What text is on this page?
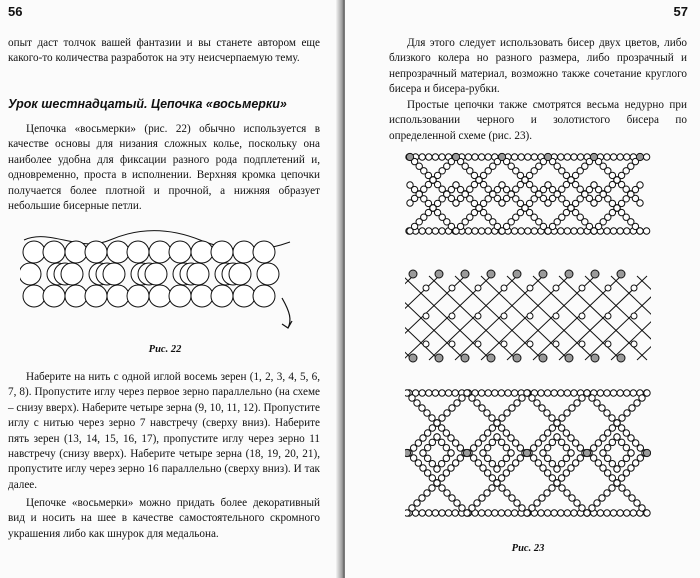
56

опыт даст толчок вашей фантазии и вы станете автором еще какого-то количества разработок на эту неисчерпаемую тему.

Урок шестнадцатый. Цепочка «восьмерки»

Цепочка «восьмерки» (рис. 22) обычно используется в качестве основы для низания сложных колье, поскольку она наиболее удобна для фиксации разного рода подплетений и, одновременно, проста в исполнении. Верхняя кромка цепочки получается более плотной и прочной, а нижняя образует небольшие бисерные петли.

Рис. 22

Наберите на нить с одной иглой восемь зерен (1, 2, 3, 4, 5, 6, 7, 8). Пропустите иглу через первое зерно параллельно (на схеме – снизу вверх). Наберите четыре зерна (9, 10, 11, 12). Пропустите иглу с нитью через зерно 7 навстречу (сверху вниз). Наберите пять зерен (13, 14, 15, 16, 17), пропустите иглу через зерно 11 навстречу (снизу вверх). Наберите четыре зерна (18, 19, 20, 21), пропустите иглу через зерно 16 параллельно (сверху вниз). И так далее.

Цепочке «восьмерки» можно придать более декоративный вид и носить на шее в качестве самостоятельного скромного украшения либо как шнурок для медальона.

57

Для этого следует использовать бисер двух цветов, либо близкого колера но разного размера, либо прозрачный и непрозрачный материал, возможно также сочетание круглого бисера и бисера-рубки.

Простые цепочки также смотрятся весьма недурно при использовании черного и золотистого бисера по определенной схеме (рис. 23).

Рис. 23
